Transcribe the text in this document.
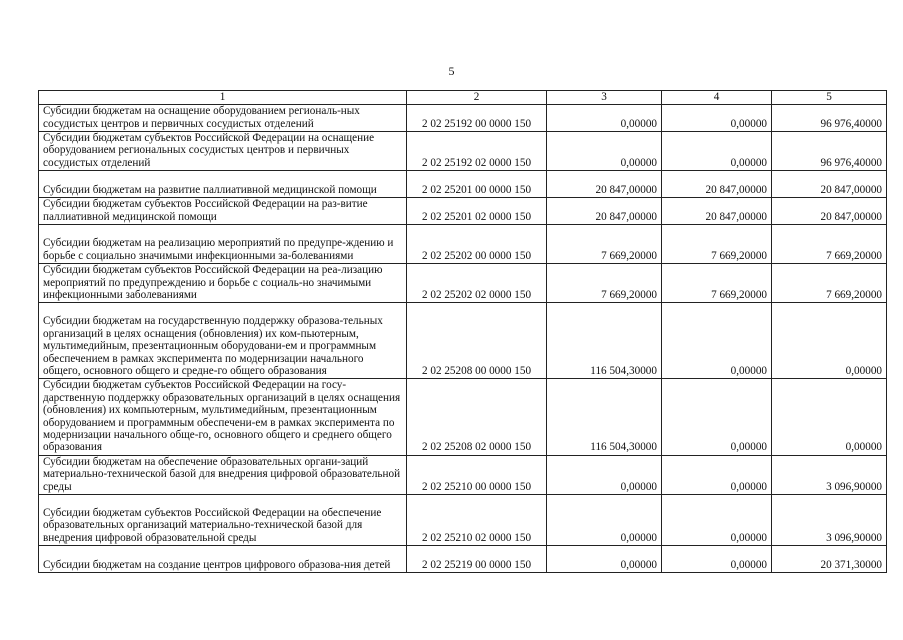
5
1	2	3	4	5
Субсидии бюджетам на оснащение оборудованием региональ-ных сосудистых центров и первичных сосудистых отделений	2 02 25192 00 0000 150	0,00000	0,00000	96 976,40000
Субсидии бюджетам субъектов Российской Федерации на оснащение оборудованием региональных сосудистых центров и первичных сосудистых отделений	2 02 25192 02 0000 150	0,00000	0,00000	96 976,40000
Субсидии бюджетам на развитие паллиативной медицинской помощи	2 02 25201 00 0000 150	20 847,00000	20 847,00000	20 847,00000
Субсидии бюджетам субъектов Российской Федерации на раз-витие паллиативной медицинской помощи	2 02 25201 02 0000 150	20 847,00000	20 847,00000	20 847,00000
Субсидии бюджетам на реализацию мероприятий по предупре-ждению и борьбе с социально значимыми инфекционными за-болеваниями	2 02 25202 00 0000 150	7 669,20000	7 669,20000	7 669,20000
Субсидии бюджетам субъектов Российской Федерации на реа-лизацию мероприятий по предупреждению и борьбе с социаль-но значимыми инфекционными заболеваниями	2 02 25202 02 0000 150	7 669,20000	7 669,20000	7 669,20000
Субсидии бюджетам на государственную поддержку образова-тельных организаций в целях оснащения (обновления) их ком-пьютерным, мультимедийным, презентационным оборудовани-ем и программным обеспечением в рамках эксперимента по модернизации начального общего, основного общего и средне-го общего образования	2 02 25208 00 0000 150	116 504,30000	0,00000	0,00000
Субсидии бюджетам субъектов Российской Федерации на госу-дарственную поддержку образовательных организаций в целях оснащения (обновления) их компьютерным, мультимедийным, презентационным оборудованием и программным обеспечени-ем в рамках эксперимента по модернизации начального обще-го, основного общего и среднего общего образования	2 02 25208 02 0000 150	116 504,30000	0,00000	0,00000
Субсидии бюджетам на обеспечение образовательных органи-заций материально-технической базой для внедрения цифровой образовательной среды	2 02 25210 00 0000 150	0,00000	0,00000	3 096,90000
Субсидии бюджетам субъектов Российской Федерации на обеспечение образовательных организаций материально-технической базой для внедрения цифровой образовательной среды	2 02 25210 02 0000 150	0,00000	0,00000	3 096,90000
Субсидии бюджетам на создание центров цифрового образова-ния детей	2 02 25219 00 0000 150	0,00000	0,00000	20 371,30000
